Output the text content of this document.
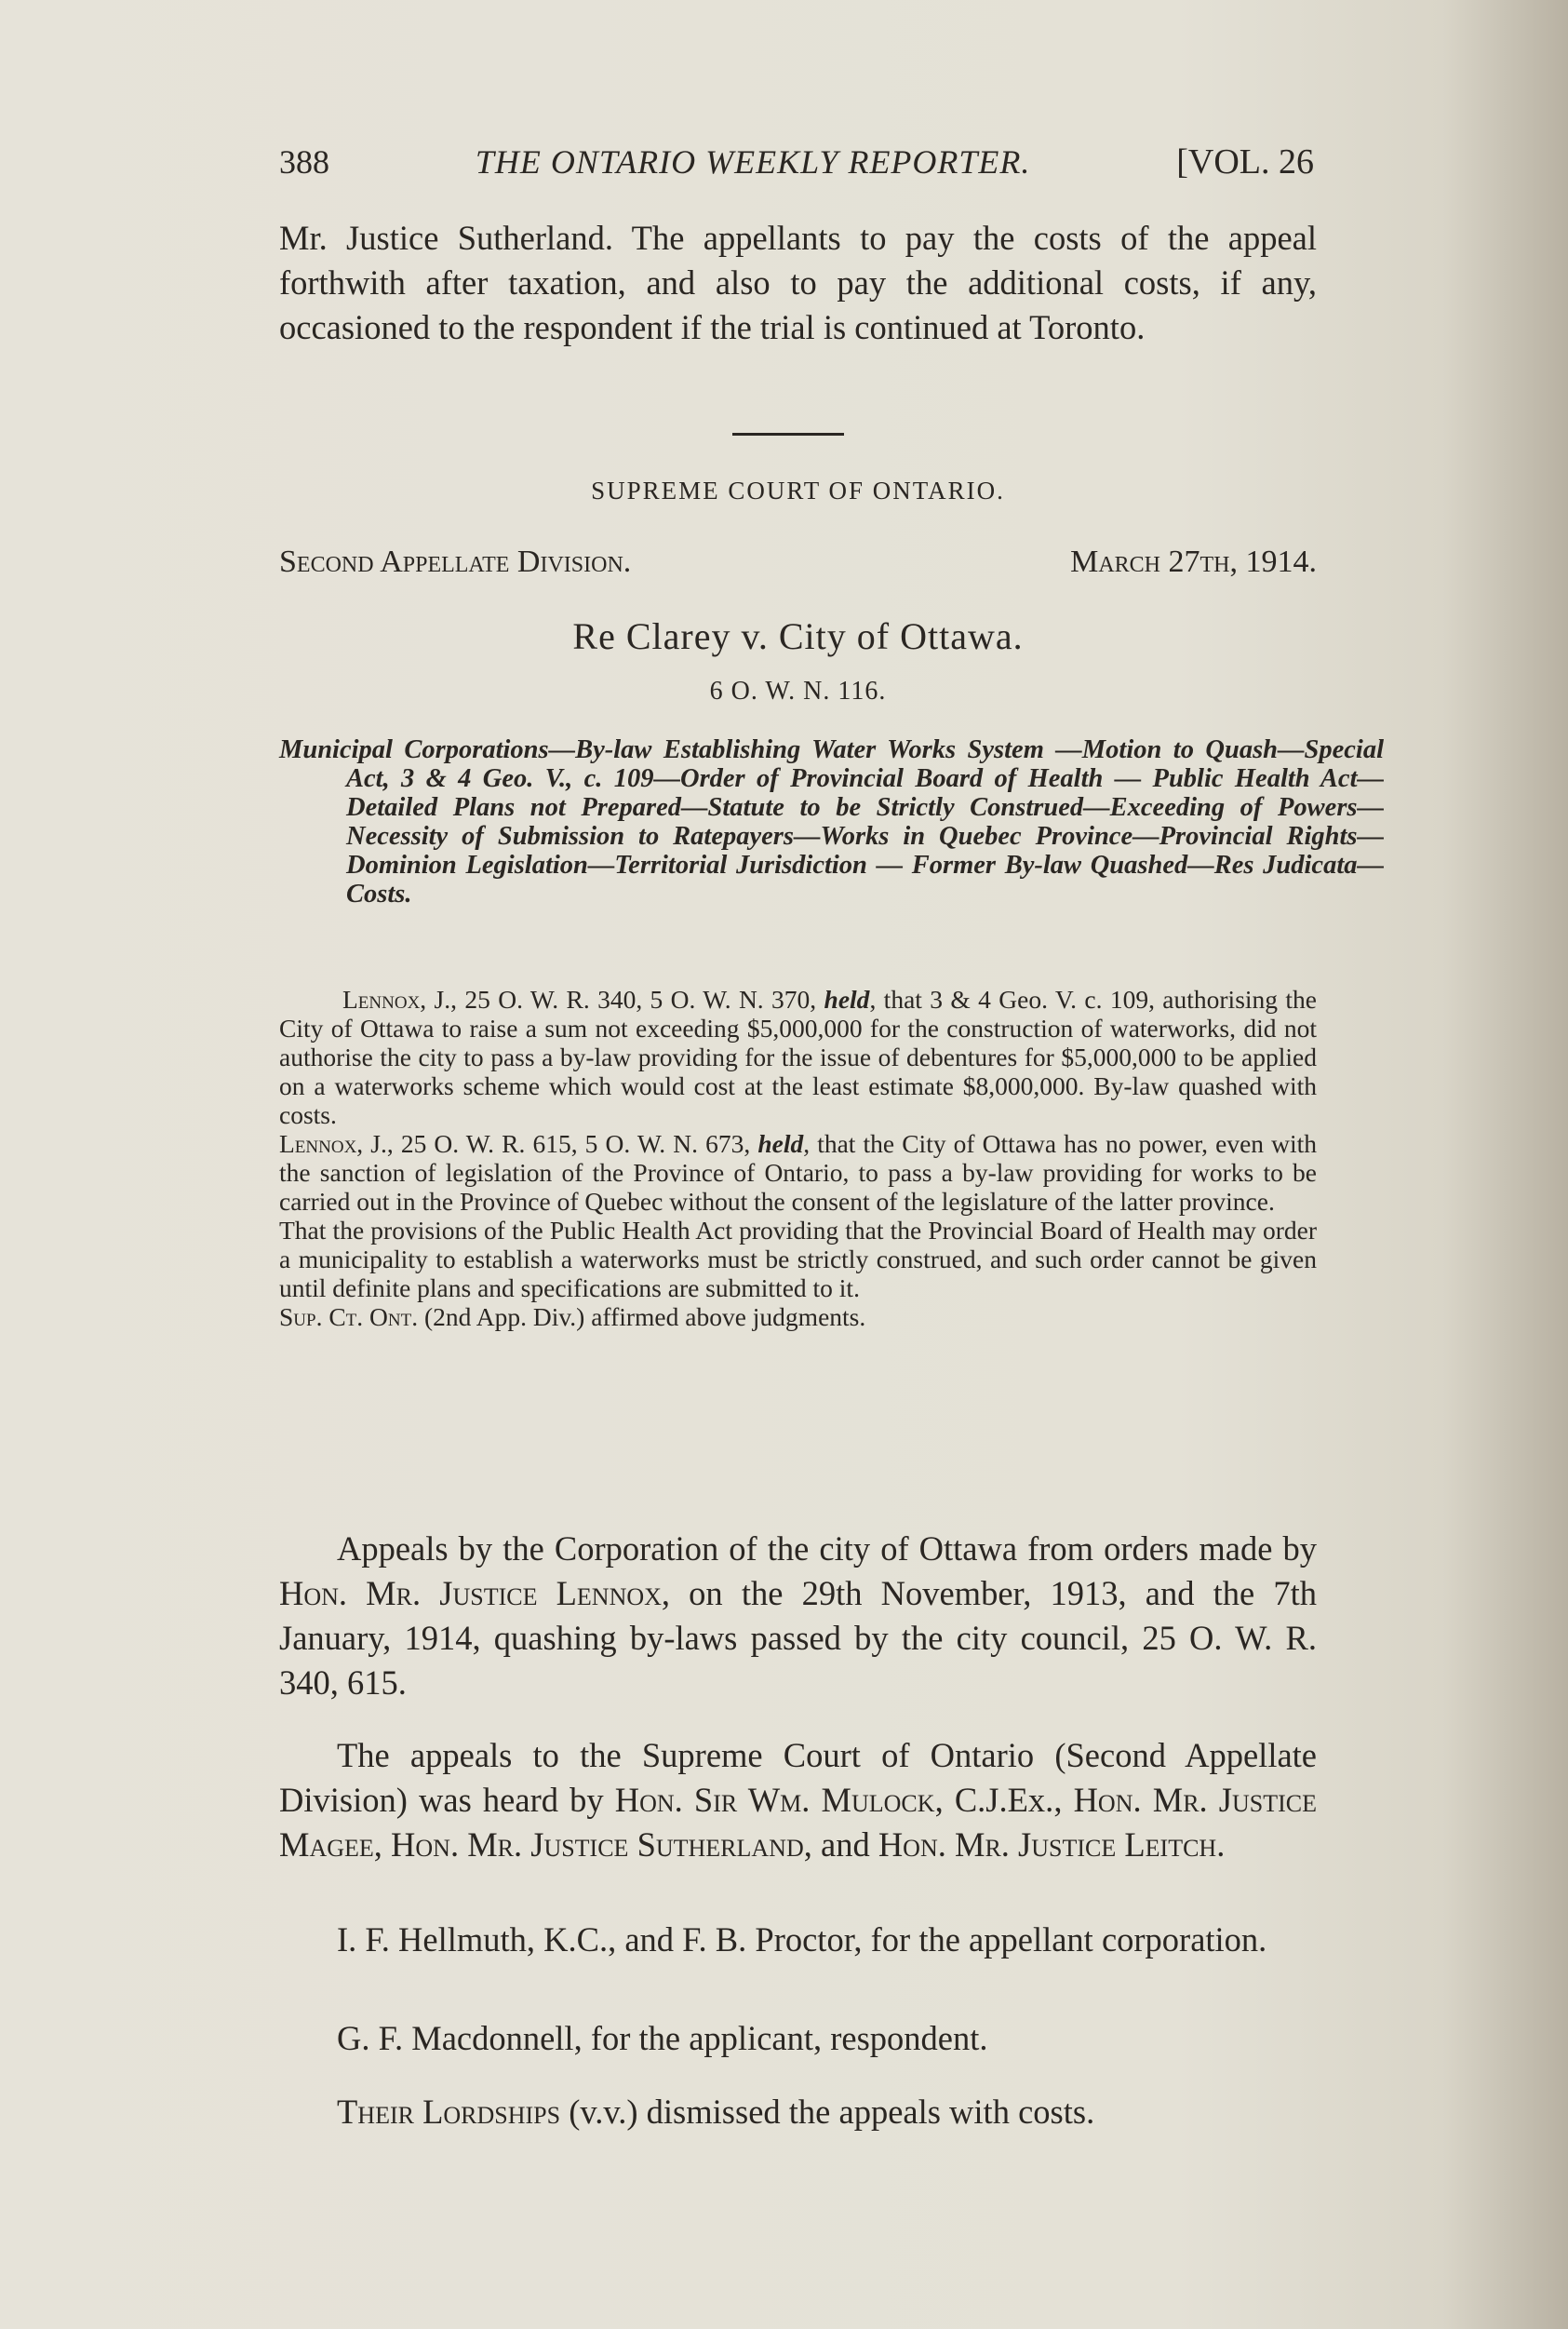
388	THE ONTARIO WEEKLY REPORTER.	[VOL. 26

Mr. Justice Sutherland. The appellants to pay the costs of the appeal forthwith after taxation, and also to pay the additional costs, if any, occasioned to the respondent if the trial is continued at Toronto.

SUPREME COURT OF ONTARIO.
Second Appellate Division.	March 27th, 1914.
Re Clarey v. City of Ottawa.
6 O. W. N. 116.

Municipal Corporations—By-law Establishing Water Works System —Motion to Quash—Special Act, 3 & 4 Geo. V., c. 109—Order of Provincial Board of Health — Public Health Act—Detailed Plans not Prepared—Statute to be Strictly Construed—Exceeding of Powers—Necessity of Submission to Ratepayers—Works in Quebec Province—Provincial Rights—Dominion Legislation—Territorial Jurisdiction — Former By-law Quashed—Res Judicata—Costs.

Lennox, J., 25 O. W. R. 340, 5 O. W. N. 370, held, that 3 & 4 Geo. V. c. 109, authorising the City of Ottawa to raise a sum not exceeding $5,000,000 for the construction of waterworks, did not authorise the city to pass a by-law providing for the issue of debentures for $5,000,000 to be applied on a waterworks scheme which would cost at the least estimate $8,000,000. By-law quashed with costs.
Lennox, J., 25 O. W. R. 615, 5 O. W. N. 673, held, that the City of Ottawa has no power, even with the sanction of legislation of the Province of Ontario, to pass a by-law providing for works to be carried out in the Province of Quebec without the consent of the legislature of the latter province.
That the provisions of the Public Health Act providing that the Provincial Board of Health may order a municipality to establish a waterworks must be strictly construed, and such order cannot be given until definite plans and specifications are submitted to it.
Sup. Ct. Ont. (2nd App. Div.) affirmed above judgments.

Appeals by the Corporation of the city of Ottawa from orders made by Hon. Mr. Justice Lennox, on the 29th November, 1913, and the 7th January, 1914, quashing by-laws passed by the city council, 25 O. W. R. 340, 615.

The appeals to the Supreme Court of Ontario (Second Appellate Division) was heard by Hon. Sir Wm. Mulock, C.J.Ex., Hon. Mr. Justice Magee, Hon. Mr. Justice Sutherland, and Hon. Mr. Justice Leitch.

I. F. Hellmuth, K.C., and F. B. Proctor, for the appellant corporation.

G. F. Macdonnell, for the applicant, respondent.

Their Lordships (v.v.) dismissed the appeals with costs.
